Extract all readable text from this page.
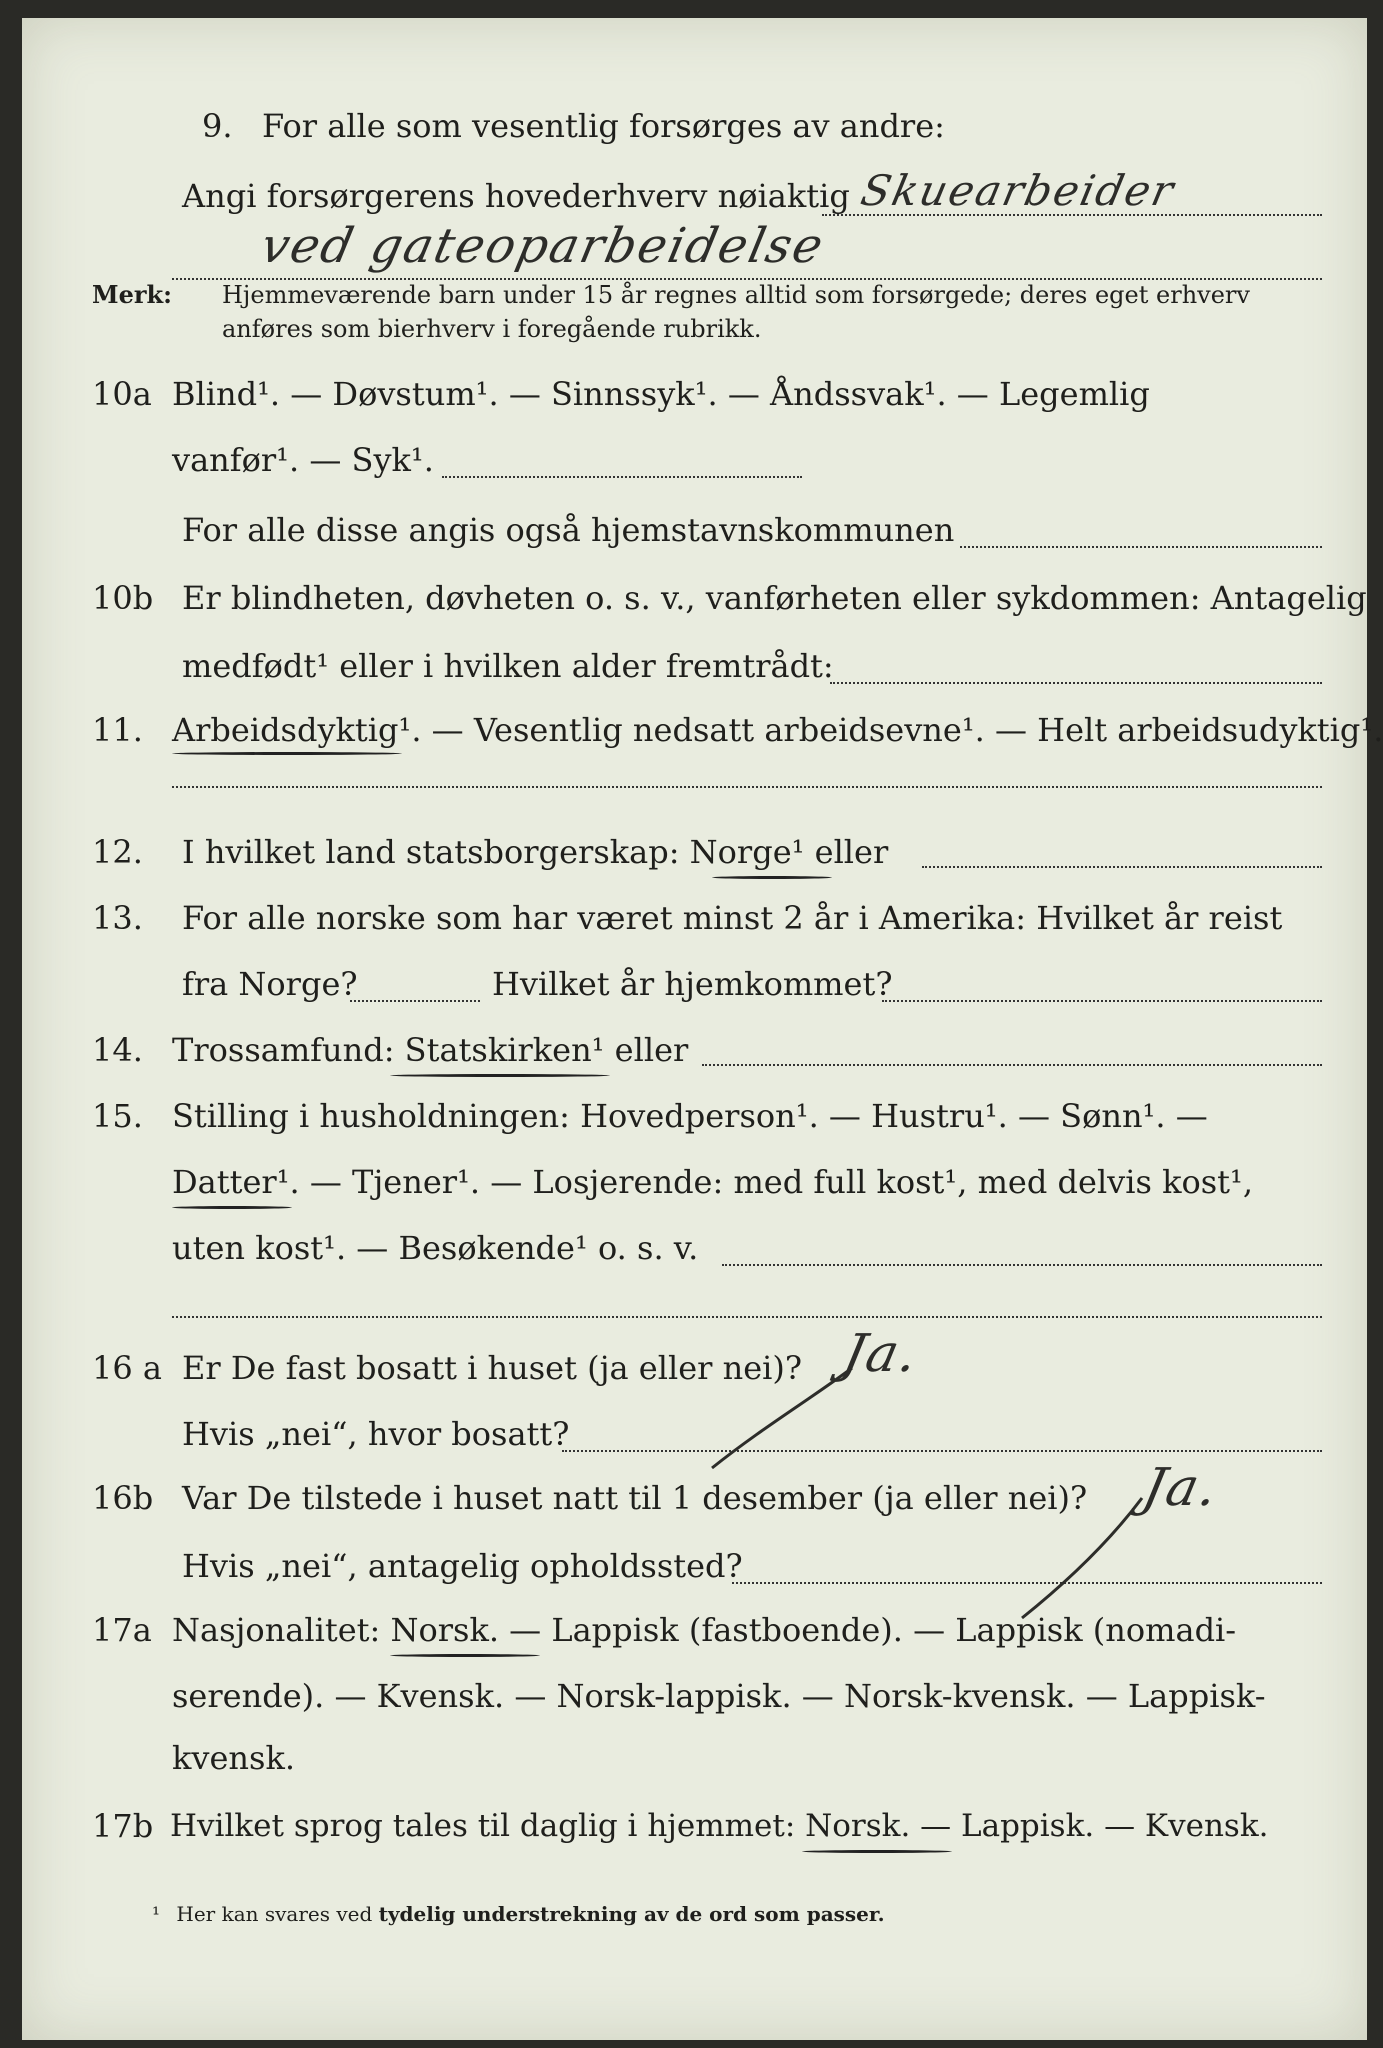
9. For alle som vesentlig forsørges av andre:
Angi forsørgerens hovederhverv nøiaktig Skuearbeider
ved gateoparbeidelse
Merk: Hjemmeværende barn under 15 år regnes alltid som forsørgede; deres eget erhverv
anføres som bierhverv i foregående rubrikk.
10a Blind¹. — Døvstum¹. — Sinnssyk¹. — Åndssvak¹. — Legemlig
vanfør¹. — Syk¹.
For alle disse angis også hjemstavnskommunen
10b Er blindheten, døvheten o. s. v., vanførheten eller sykdommen: Antagelig
medfødt¹ eller i hvilken alder fremtrådt:
11. Arbeidsdyktig¹. — Vesentlig nedsatt arbeidsevne¹. — Helt arbeidsudyktig¹.
12. I hvilket land statsborgerskap: Norge¹ eller
13. For alle norske som har været minst 2 år i Amerika: Hvilket år reist
fra Norge?	Hvilket år hjemkommet?
14. Trossamfund: Statskirken¹ eller
15. Stilling i husholdningen: Hovedperson¹. — Hustru¹. — Sønn¹. —
Datter¹. — Tjener¹. — Losjerende: med full kost¹, med delvis kost¹,
uten kost¹. — Besøkende¹ o. s. v.
16 a Er De fast bosatt i huset (ja eller nei)? Ja.
Hvis „nei“, hvor bosatt?
16b Var De tilstede i huset natt til 1 desember (ja eller nei)? Ja.
Hvis „nei“, antagelig opholdssted?
17a Nasjonalitet: Norsk. — Lappisk (fastboende). — Lappisk (nomadi-
serende). — Kvensk. — Norsk-lappisk. — Norsk-kvensk. — Lappisk-
kvensk.
17b Hvilket sprog tales til daglig i hjemmet: Norsk. — Lappisk. — Kvensk.
¹ Her kan svares ved tydelig understrekning av de ord som passer.
